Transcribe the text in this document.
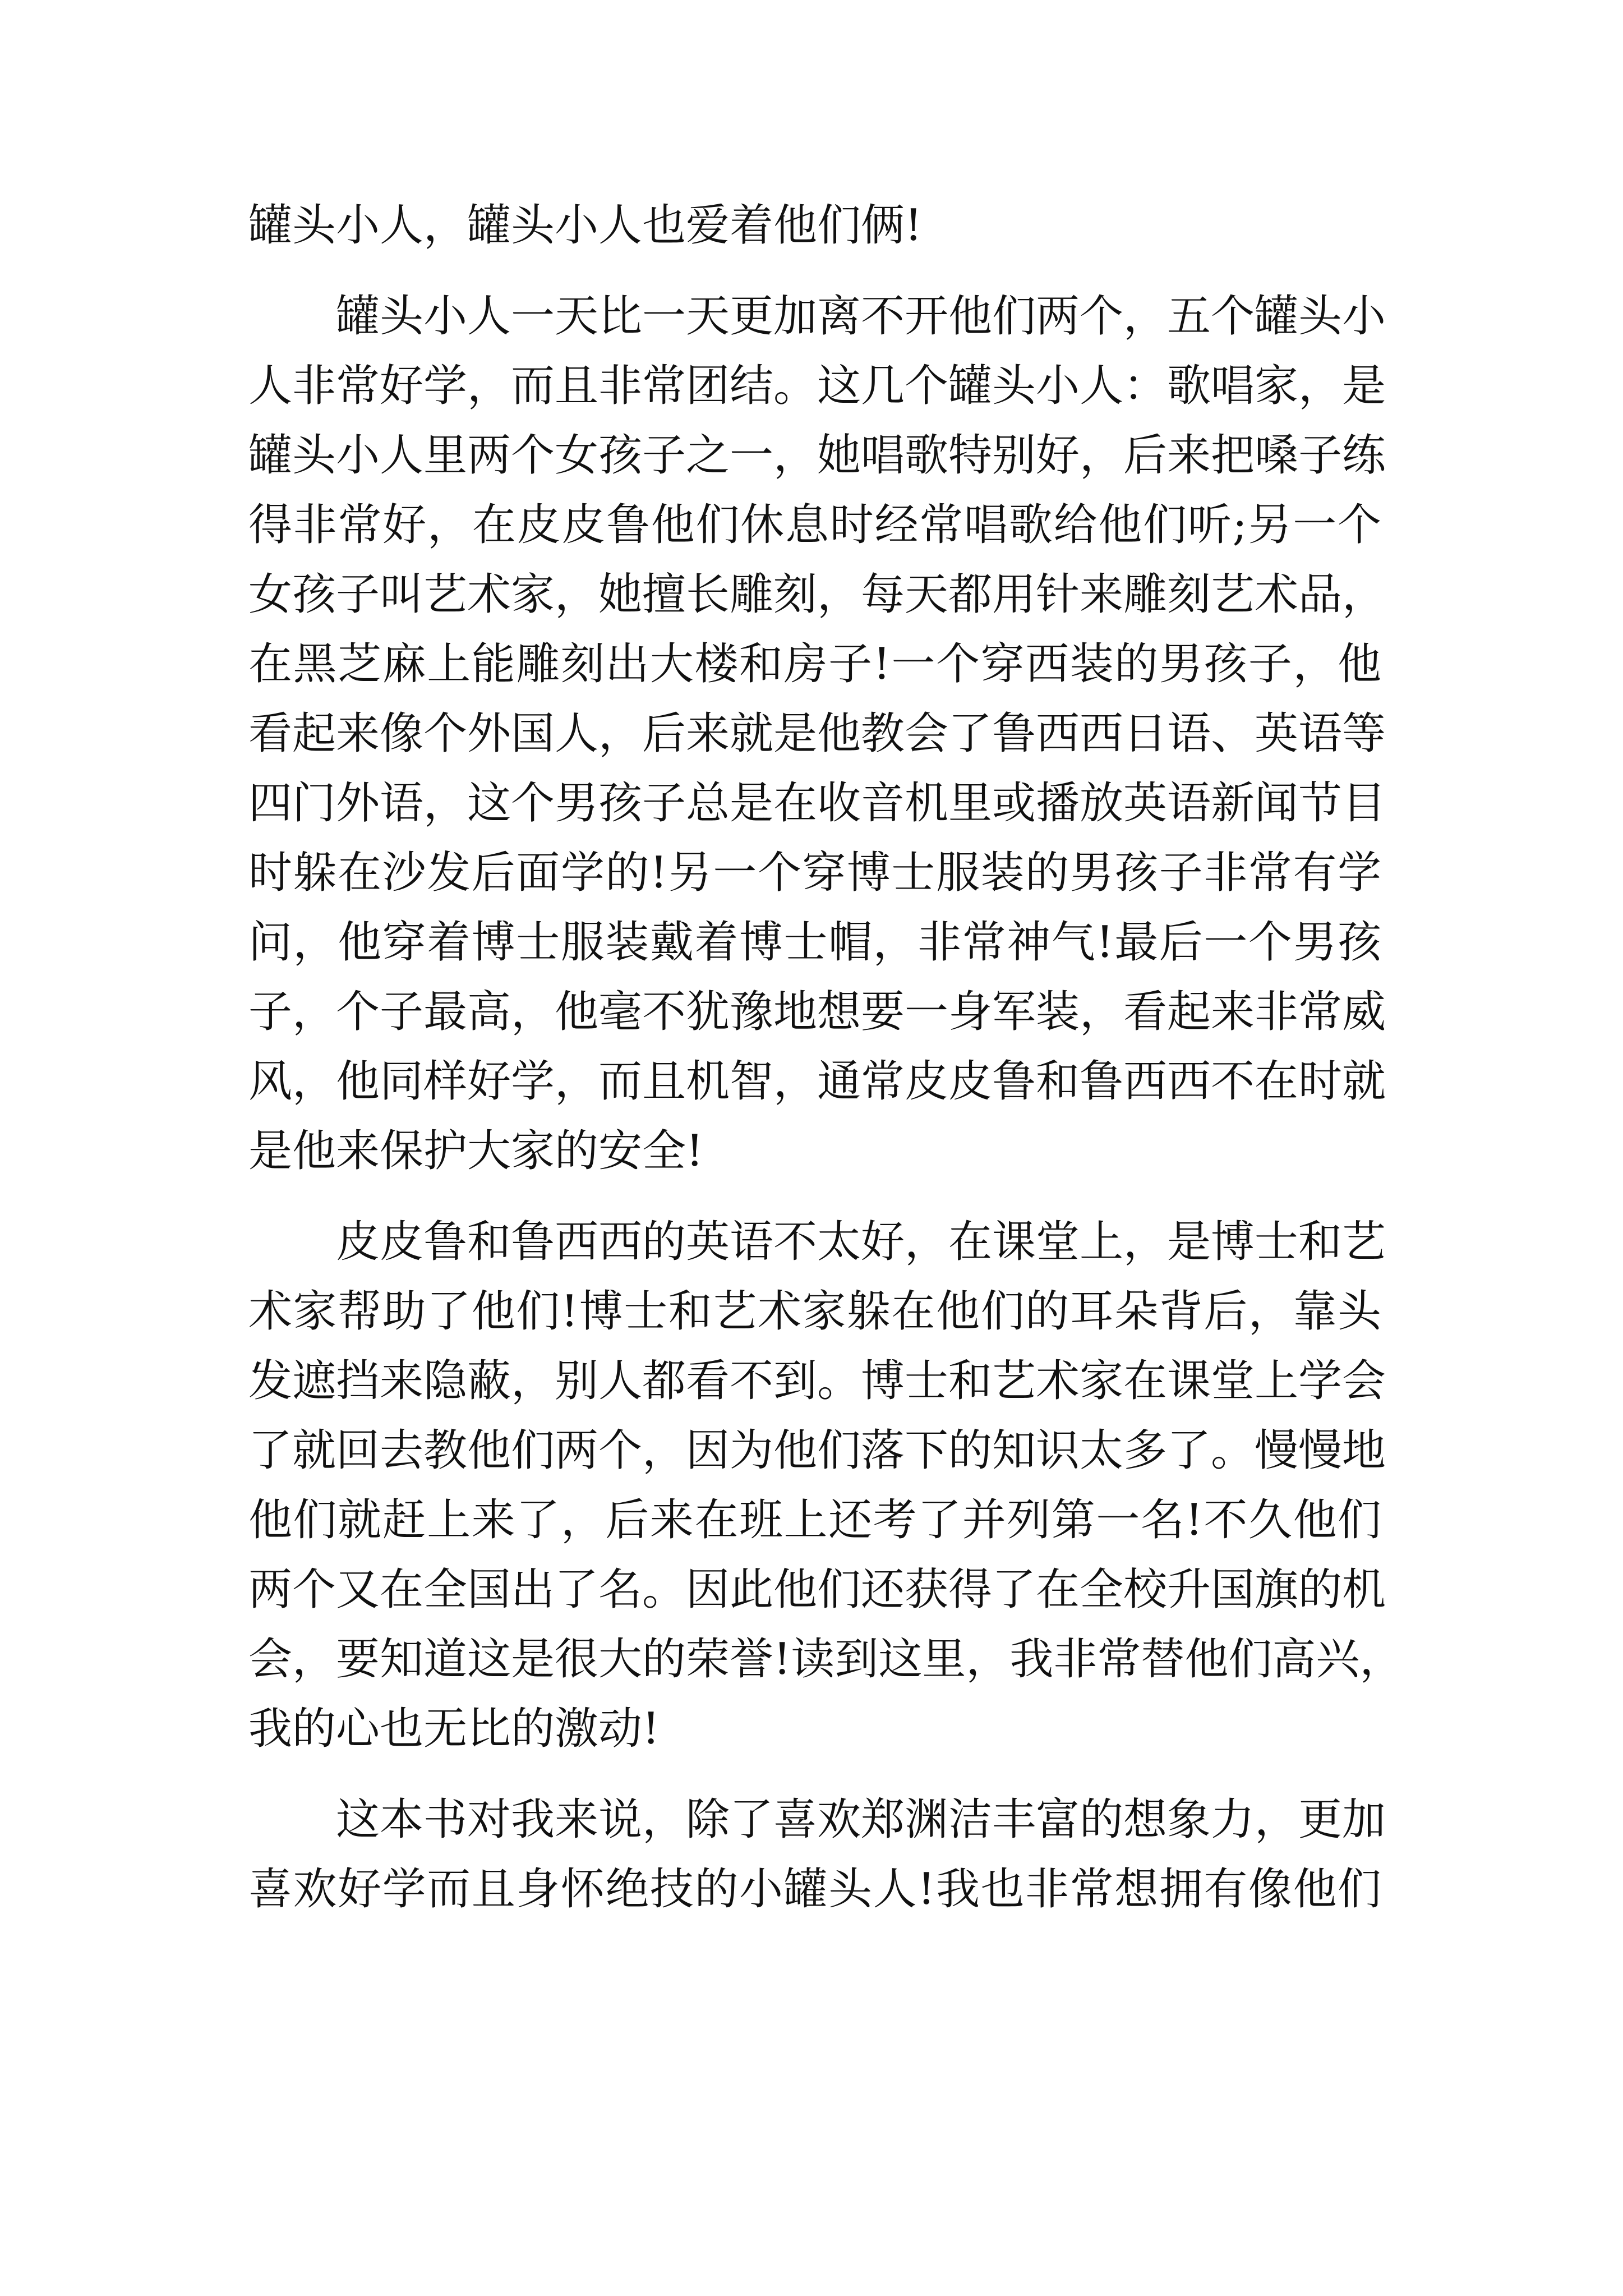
罐头小人，罐头小人也爱着他们俩!
罐头小人一天比一天更加离不开他们两个，五个罐头小
人非常好学，而且非常团结。这几个罐头小人：歌唱家，是
罐头小人里两个女孩子之一，她唱歌特别好，后来把嗓子练
得非常好，在皮皮鲁他们休息时经常唱歌给他们听;另一个
女孩子叫艺术家，她擅长雕刻，每天都用针来雕刻艺术品，
在黑芝麻上能雕刻出大楼和房子!一个穿西装的男孩子，他
看起来像个外国人，后来就是他教会了鲁西西日语、英语等
四门外语，这个男孩子总是在收音机里或播放英语新闻节目
时躲在沙发后面学的!另一个穿博士服装的男孩子非常有学
问，他穿着博士服装戴着博士帽，非常神气!最后一个男孩
子，个子最高，他毫不犹豫地想要一身军装，看起来非常威
风，他同样好学，而且机智，通常皮皮鲁和鲁西西不在时就
是他来保护大家的安全!
皮皮鲁和鲁西西的英语不太好，在课堂上，是博士和艺
术家帮助了他们!博士和艺术家躲在他们的耳朵背后，靠头
发遮挡来隐蔽，别人都看不到。博士和艺术家在课堂上学会
了就回去教他们两个，因为他们落下的知识太多了。慢慢地
他们就赶上来了，后来在班上还考了并列第一名!不久他们
两个又在全国出了名。因此他们还获得了在全校升国旗的机
会，要知道这是很大的荣誉!读到这里，我非常替他们高兴，
我的心也无比的激动!
这本书对我来说，除了喜欢郑渊洁丰富的想象力，更加
喜欢好学而且身怀绝技的小罐头人!我也非常想拥有像他们
